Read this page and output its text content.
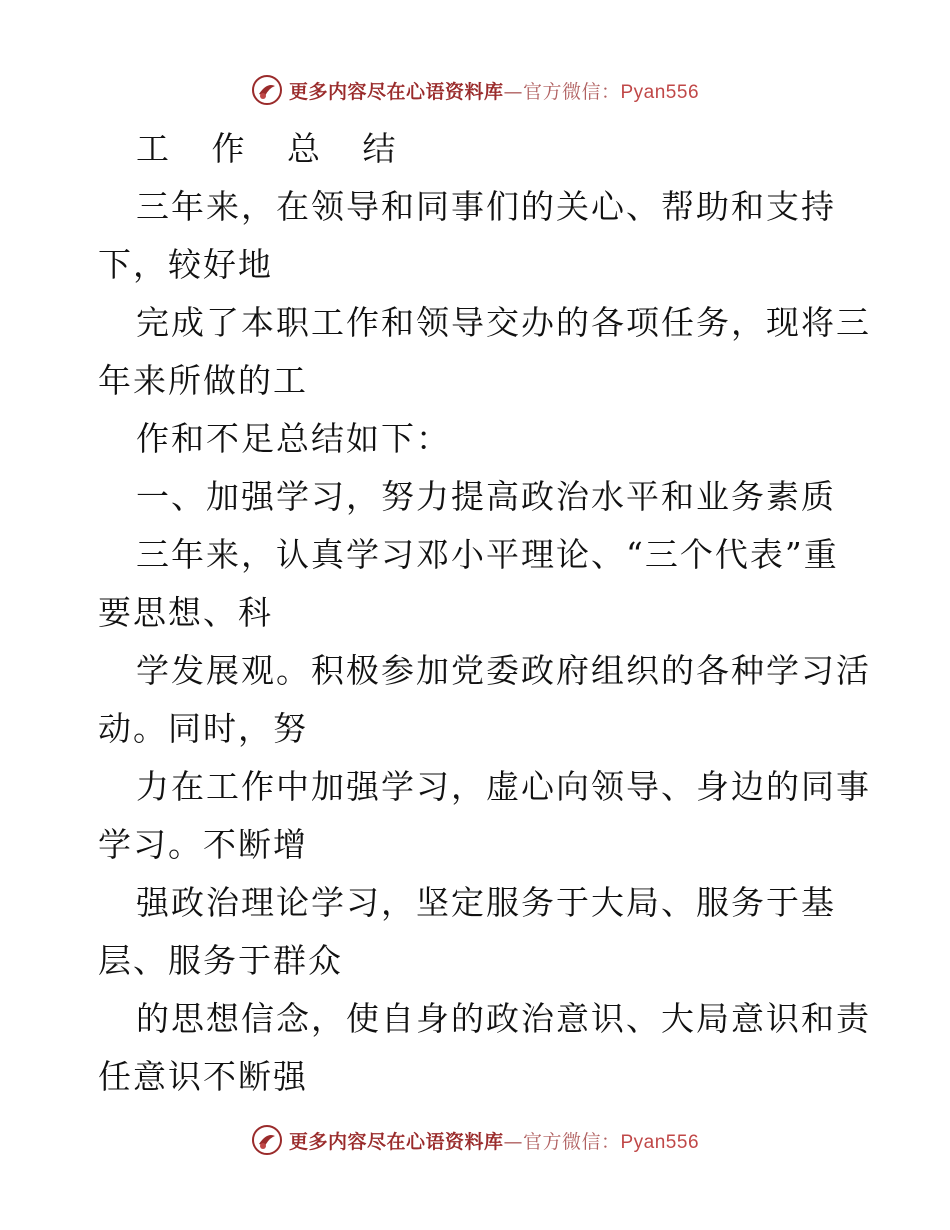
更多内容尽在心语资料库—官方微信：Pyan556
工 作 总 结
三年来，在领导和同事们的关心、帮助和支持
下，较好地
完成了本职工作和领导交办的各项任务，现将三
年来所做的工
作和不足总结如下：
一、加强学习，努力提高政治水平和业务素质
三年来，认真学习邓小平理论、“三个代表”重
要思想、科
学发展观。积极参加党委政府组织的各种学习活
动。同时，努
力在工作中加强学习，虚心向领导、身边的同事
学习。不断增
强政治理论学习，坚定服务于大局、服务于基
层、服务于群众
的思想信念，使自身的政治意识、大局意识和责
任意识不断强
更多内容尽在心语资料库—官方微信：Pyan556
